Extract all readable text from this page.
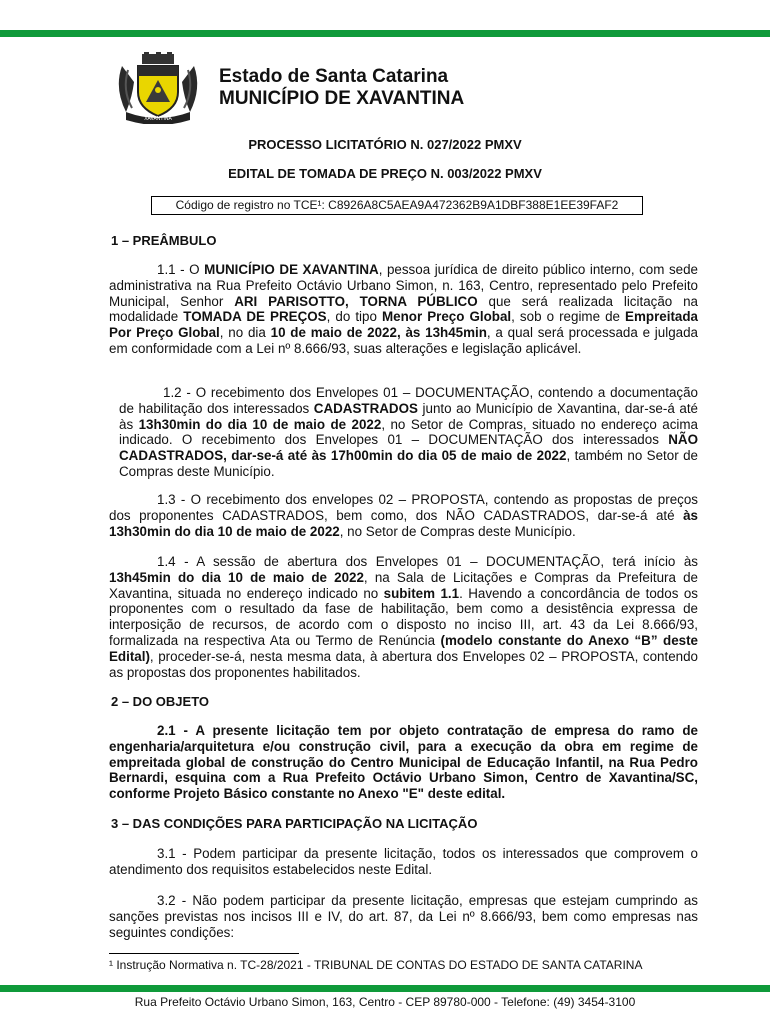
XAVANTINA
Estado de Santa Catarina
MUNICÍPIO DE XAVANTINA
PROCESSO LICITATÓRIO N. 027/2022 PMXV
EDITAL DE TOMADA DE PREÇO N. 003/2022 PMXV
Código de registro no TCE¹: C8926A8C5AEA9A472362B9A1DBF388E1EE39FAF2
1 – PREÂMBULO

1.1 - O MUNICÍPIO DE XAVANTINA, pessoa jurídica de direito público interno, com sede administrativa na Rua Prefeito Octávio Urbano Simon, n. 163, Centro, representado pelo Prefeito Municipal, Senhor ARI PARISOTTO, TORNA PÚBLICO que será realizada licitação na modalidade TOMADA DE PREÇOS, do tipo Menor Preço Global, sob o regime de Empreitada Por Preço Global, no dia 10 de maio de 2022, às 13h45min, a qual será processada e julgada em conformidade com a Lei nº 8.666/93, suas alterações e legislação aplicável.

1.2 - O recebimento dos Envelopes 01 – DOCUMENTAÇÃO, contendo a documentação de habilitação dos interessados CADASTRADOS junto ao Município de Xavantina, dar-se-á até às 13h30min do dia 10 de maio de 2022, no Setor de Compras, situado no endereço acima indicado. O recebimento dos Envelopes 01 – DOCUMENTAÇÃO dos interessados NÃO CADASTRADOS, dar-se-á até às 17h00min do dia 05 de maio de 2022, também no Setor de Compras deste Município.

1.3 - O recebimento dos envelopes 02 – PROPOSTA, contendo as propostas de preços dos proponentes CADASTRADOS, bem como, dos NÃO CADASTRADOS, dar-se-á até às 13h30min do dia 10 de maio de 2022, no Setor de Compras deste Município.

1.4 - A sessão de abertura dos Envelopes 01 – DOCUMENTAÇÃO, terá início às 13h45min do dia 10 de maio de 2022, na Sala de Licitações e Compras da Prefeitura de Xavantina, situada no endereço indicado no subitem 1.1. Havendo a concordância de todos os proponentes com o resultado da fase de habilitação, bem como a desistência expressa de interposição de recursos, de acordo com o disposto no inciso III, art. 43 da Lei 8.666/93, formalizada na respectiva Ata ou Termo de Renúncia (modelo constante do Anexo “B” deste Edital), proceder-se-á, nesta mesma data, à abertura dos Envelopes 02 – PROPOSTA, contendo as propostas dos proponentes habilitados.

2 – DO OBJETO

2.1 - A presente licitação tem por objeto contratação de empresa do ramo de engenharia/arquitetura e/ou construção civil, para a execução da obra em regime de empreitada global de construção do Centro Municipal de Educação Infantil, na Rua Pedro Bernardi, esquina com a Rua Prefeito Octávio Urbano Simon, Centro de Xavantina/SC, conforme Projeto Básico constante no Anexo "E" deste edital.

3 – DAS CONDIÇÕES PARA PARTICIPAÇÃO NA LICITAÇÃO

3.1 - Podem participar da presente licitação, todos os interessados que comprovem o atendimento dos requisitos estabelecidos neste Edital.

3.2 - Não podem participar da presente licitação, empresas que estejam cumprindo as sanções previstas nos incisos III e IV, do art. 87, da Lei nº 8.666/93, bem como empresas nas seguintes condições:

¹ Instrução Normativa n. TC-28/2021 - TRIBUNAL DE CONTAS DO ESTADO DE SANTA CATARINA
Rua Prefeito Octávio Urbano Simon, 163, Centro - CEP 89780-000 - Telefone: (49) 3454-3100
